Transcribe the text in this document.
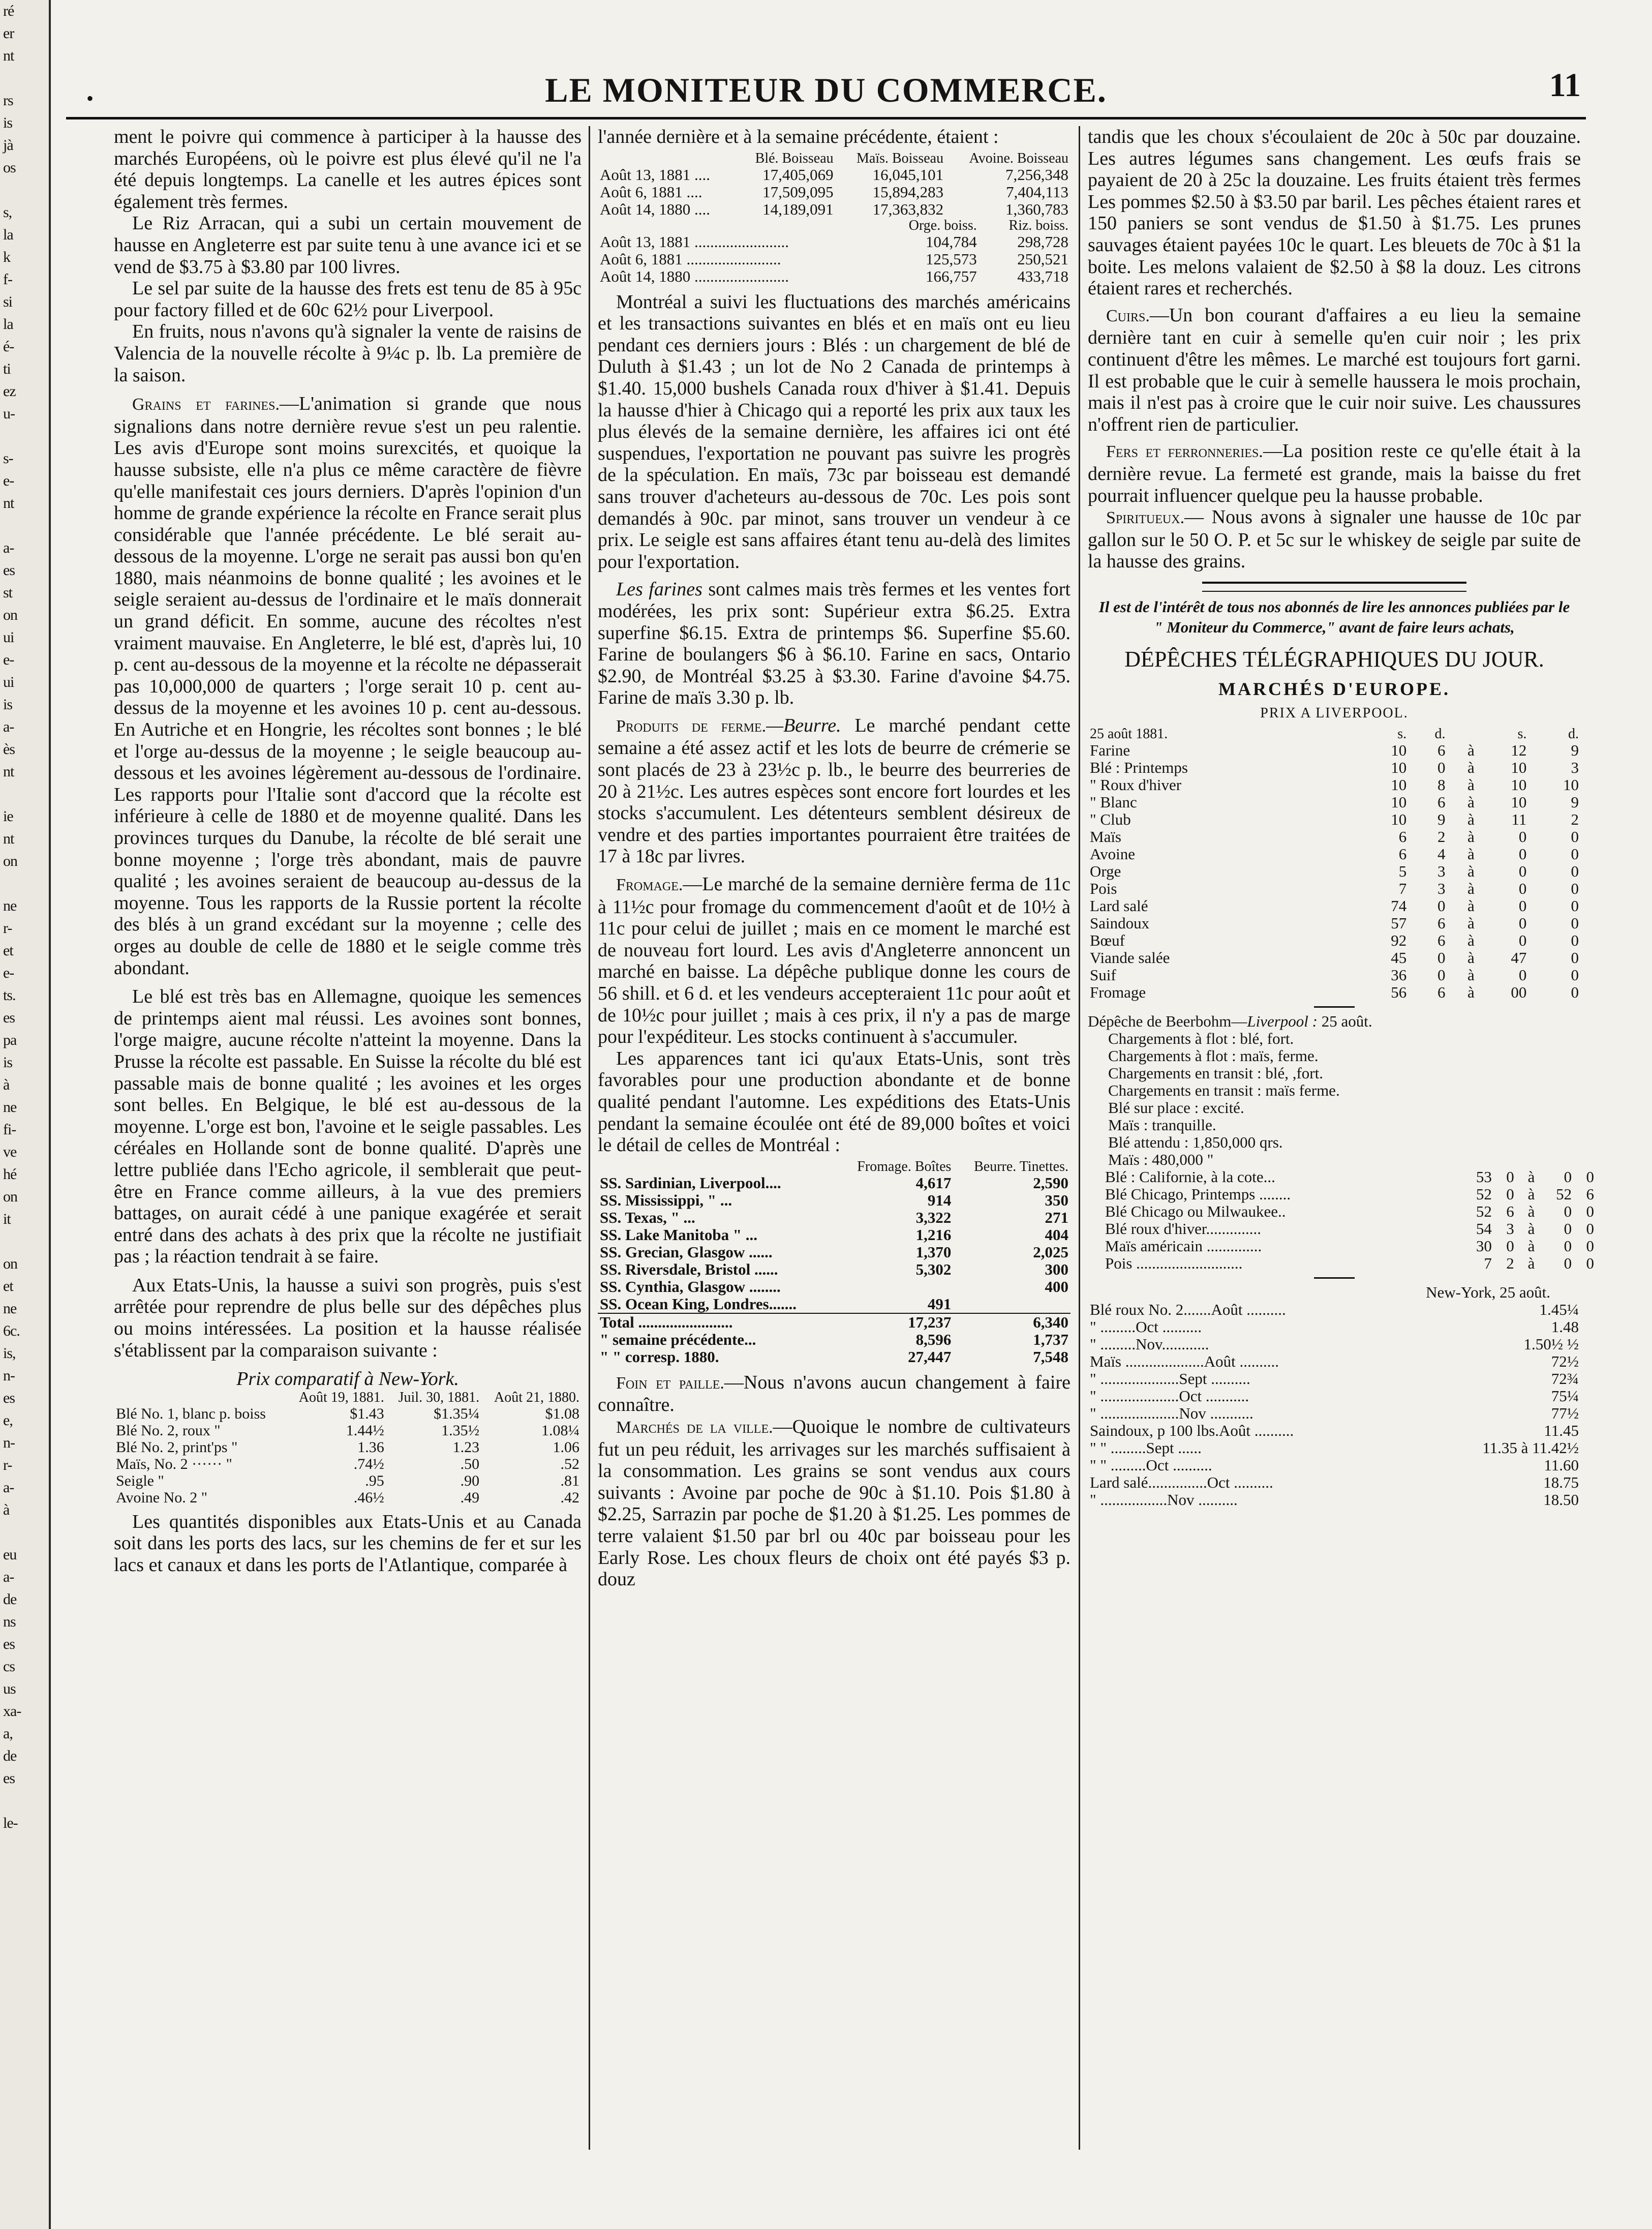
ré
er
nt

rs
is
jà
os

s,
la
k
f-
si
la
é-
ti
ez
u-

s-
e-
nt

a-
es
st
on
ui
e-
ui
is
a-
ès
nt

ie
nt
on

ne
r-
et
e-
ts.
es
pa
is
à
ne
fi-
ve
hé
on
it

on
et
ne
6c.
is,
n-
es
e,
n-
r-
a-
à

eu
a-
de
ns
es
cs
us
xa-
a,
de
es

le-
•	LE MONITEUR DU COMMERCE.	11

ment le poivre qui commence à participer à la hausse des marchés Européens, où le poivre est plus élevé qu'il ne l'a été depuis longtemps. La canelle et les autres épices sont également très fermes.

Le Riz Arracan, qui a subi un certain mouvement de hausse en Angleterre est par suite tenu à une avance ici et se vend de $3.75 à $3.80 par 100 livres.

Le sel par suite de la hausse des frets est tenu de 85 à 95c pour factory filled et de 60c 62½ pour Liverpool.

En fruits, nous n'avons qu'à signaler la vente de raisins de Valencia de la nouvelle récolte à 9¼c p. lb. La première de la saison.

Grains et farines.—L'animation si grande que nous signalions dans notre dernière revue s'est un peu ralentie. Les avis d'Europe sont moins surexcités, et quoique la hausse subsiste, elle n'a plus ce même caractère de fièvre qu'elle manifestait ces jours derniers. D'après l'opinion d'un homme de grande expérience la récolte en France serait plus considérable que l'année précédente. Le blé serait au-dessous de la moyenne. L'orge ne serait pas aussi bon qu'en 1880, mais néanmoins de bonne qualité ; les avoines et le seigle seraient au-dessus de l'ordinaire et le maïs donnerait un grand déficit. En somme, aucune des récoltes n'est vraiment mauvaise. En Angleterre, le blé est, d'après lui, 10 p. cent au-dessous de la moyenne et la récolte ne dépasserait pas 10,000,000 de quarters ; l'orge serait 10 p. cent au-dessus de la moyenne et les avoines 10 p. cent au-dessous. En Autriche et en Hongrie, les récoltes sont bonnes ; le blé et l'orge au-dessus de la moyenne ; le seigle beaucoup au-dessous et les avoines légèrement au-dessous de l'ordinaire. Les rapports pour l'Italie sont d'accord que la récolte est inférieure à celle de 1880 et de moyenne qualité. Dans les provinces turques du Danube, la récolte de blé serait une bonne moyenne ; l'orge très abondant, mais de pauvre qualité ; les avoines seraient de beaucoup au-dessus de la moyenne. Tous les rapports de la Russie portent la récolte des blés à un grand excédant sur la moyenne ; celle des orges au double de celle de 1880 et le seigle comme très abondant.

Le blé est très bas en Allemagne, quoique les semences de printemps aient mal réussi. Les avoines sont bonnes, l'orge maigre, aucune récolte n'atteint la moyenne. Dans la Prusse la récolte est passable. En Suisse la récolte du blé est passable mais de bonne qualité ; les avoines et les orges sont belles. En Belgique, le blé est au-dessous de la moyenne. L'orge est bon, l'avoine et le seigle passables. Les céréales en Hollande sont de bonne qualité. D'après une lettre publiée dans l'Echo agricole, il semblerait que peut-être en France comme ailleurs, à la vue des premiers battages, on aurait cédé à une panique exagérée et serait entré dans des achats à des prix que la récolte ne justifiait pas ; la réaction tendrait à se faire.

Aux Etats-Unis, la hausse a suivi son progrès, puis s'est arrêtée pour reprendre de plus belle sur des dépêches plus ou moins intéressées. La position et la hausse réalisée s'établissent par la comparaison suivante :

Prix comparatif à New-York.

	Août 19, 1881.	Juil. 30, 1881.	Août 21, 1880.
Blé No. 1, blanc p. boiss	$1.43	$1.35¼	$1.08
Blé No. 2, roux "	1.44½	1.35½	1.08¼
Blé No. 2, print'ps "	1.36	1.23	1.06
Maïs, No. 2 ······ "	.74½	.50	.52
Seigle "	.95	.90	.81
Avoine No. 2 "	.46½	.49	.42

Les quantités disponibles aux Etats-Unis et au Canada soit dans les ports des lacs, sur les chemins de fer et sur les lacs et canaux et dans les ports de l'Atlantique, comparée à

l'année dernière et à la semaine précédente, étaient :

	Blé. Boisseau	Maïs. Boisseau	Avoine. Boisseau
Août 13, 1881 ....	17,405,069	16,045,101	7,256,348
Août 6, 1881 ....	17,509,095	15,894,283	7,404,113
Août 14, 1880 ....	14,189,091	17,363,832	1,360,783
	Orge. boiss.	Riz. boiss.
Août 13, 1881 ........................	104,784	298,728
Août 6, 1881 ........................	125,573	250,521
Août 14, 1880 ........................	166,757	433,718

Montréal a suivi les fluctuations des marchés américains et les transactions suivantes en blés et en maïs ont eu lieu pendant ces derniers jours : Blés : un chargement de blé de Duluth à $1.43 ; un lot de No 2 Canada de printemps à $1.40. 15,000 bushels Canada roux d'hiver à $1.41. Depuis la hausse d'hier à Chicago qui a reporté les prix aux taux les plus élevés de la semaine dernière, les affaires ici ont été suspendues, l'exportation ne pouvant pas suivre les progrès de la spéculation. En maïs, 73c par boisseau est demandé sans trouver d'acheteurs au-dessous de 70c. Les pois sont demandés à 90c. par minot, sans trouver un vendeur à ce prix. Le seigle est sans affaires étant tenu au-delà des limites pour l'exportation.

Les farines sont calmes mais très fermes et les ventes fort modérées, les prix sont: Supérieur extra $6.25. Extra superfine $6.15. Extra de printemps $6. Superfine $5.60. Farine de boulangers $6 à $6.10. Farine en sacs, Ontario $2.90, de Montréal $3.25 à $3.30. Farine d'avoine $4.75. Farine de maïs 3.30 p. lb.

Produits de ferme.—Beurre. Le marché pendant cette semaine a été assez actif et les lots de beurre de crémerie se sont placés de 23 à 23½c p. lb., le beurre des beurreries de 20 à 21½c. Les autres espèces sont encore fort lourdes et les stocks s'accumulent. Les détenteurs semblent désireux de vendre et des parties importantes pourraient être traitées de 17 à 18c par livres.

Fromage.—Le marché de la semaine dernière ferma de 11c à 11½c pour fromage du commencement d'août et de 10½ à 11c pour celui de juillet ; mais en ce moment le marché est de nouveau fort lourd. Les avis d'Angleterre annoncent un marché en baisse. La dépêche publique donne les cours de 56 shill. et 6 d. et les vendeurs accepteraient 11c pour août et de 10½c pour juillet ; mais à ces prix, il n'y a pas de marge pour l'expéditeur. Les stocks continuent à s'accumuler.

Les apparences tant ici qu'aux Etats-Unis, sont très favorables pour une production abondante et de bonne qualité pendant l'automne. Les expéditions des Etats-Unis pendant la semaine écoulée ont été de 89,000 boîtes et voici le détail de celles de Montréal :

	Fromage. Boîtes	Beurre. Tinettes.
SS. Sardinian, Liverpool....	4,617	2,590
SS. Mississippi, " ...	914	350
SS. Texas, " ...	3,322	271
SS. Lake Manitoba " ...	1,216	404
SS. Grecian, Glasgow ......	1,370	2,025
SS. Riversdale, Bristol ......	5,302	300
SS. Cynthia, Glasgow ........		400
SS. Ocean King, Londres.......	491	
Total ........................	17,237	6,340
" semaine précédente...	8,596	1,737
" " corresp. 1880.	27,447	7,548

Foin et paille.—Nous n'avons aucun changement à faire connaître.

Marchés de la ville.—Quoique le nombre de cultivateurs fut un peu réduit, les arrivages sur les marchés suffisaient à la consommation. Les grains se sont vendus aux cours suivants : Avoine par poche de 90c à $1.10. Pois $1.80 à $2.25, Sarrazin par poche de $1.20 à $1.25. Les pommes de terre valaient $1.50 par brl ou 40c par boisseau pour les Early Rose. Les choux fleurs de choix ont été payés $3 p. douz

tandis que les choux s'écoulaient de 20c à 50c par douzaine. Les autres légumes sans changement. Les œufs frais se payaient de 20 à 25c la douzaine. Les fruits étaient très fermes Les pommes $2.50 à $3.50 par baril. Les pêches étaient rares et 150 paniers se sont vendus de $1.50 à $1.75. Les prunes sauvages étaient payées 10c le quart. Les bleuets de 70c à $1 la boite. Les melons valaient de $2.50 à $8 la douz. Les citrons étaient rares et recherchés.

Cuirs.—Un bon courant d'affaires a eu lieu la semaine dernière tant en cuir à semelle qu'en cuir noir ; les prix continuent d'être les mêmes. Le marché est toujours fort garni. Il est probable que le cuir à semelle haussera le mois prochain, mais il n'est pas à croire que le cuir noir suive. Les chaussures n'offrent rien de particulier.

Fers et ferronneries.—La position reste ce qu'elle était à la dernière revue. La fermeté est grande, mais la baisse du fret pourrait influencer quelque peu la hausse probable.

Spiritueux.— Nous avons à signaler une hausse de 10c par gallon sur le 50 O. P. et 5c sur le whiskey de seigle par suite de la hausse des grains.

Il est de l'intérêt de tous nos abonnés de lire les annonces publiées par le " Moniteur du Commerce," avant de faire leurs achats,
DÉPÊCHES TÉLÉGRAPHIQUES DU JOUR.
MARCHÉS D'EUROPE.
PRIX A LIVERPOOL.
25 août 1881.	s.	d.		s.	d.
Farine	10	6	à	12	9
Blé : Printemps	10	0	à	10	3
" Roux d'hiver	10	8	à	10	10
" Blanc	10	6	à	10	9
" Club	10	9	à	11	2
Maïs	6	2	à	0	0
Avoine	6	4	à	0	0
Orge	5	3	à	0	0
Pois	7	3	à	0	0
Lard salé	74	0	à	0	0
Saindoux	57	6	à	0	0
Bœuf	92	6	à	0	0
Viande salée	45	0	à	47	0
Suif	36	0	à	0	0
Fromage	56	6	à	00	0

Dépêche de Beerbohm—Liverpool : 25 août.

Chargements à flot : blé, fort.
Chargements à flot : maïs, ferme.
Chargements en transit : blé, ,fort.
Chargements en transit : maïs ferme.
Blé sur place : excité.
Maïs : tranquille.
Blé attendu : 1,850,000 qrs.
Maïs : 480,000 "
Blé : Californie, à la cote...	53	0	à	0	0
Blé Chicago, Printemps ........	52	0	à	52	6
Blé Chicago ou Milwaukee..	52	6	à	0	0
Blé roux d'hiver..............	54	3	à	0	0
Maïs américain ..............	30	0	à	0	0
Pois ...........................	7	2	à	0	0
New-York, 25 août.
Blé roux No. 2.......Août ..........	1.45¼
" .........Oct ..........	1.48
" .........Nov............	1.50½ ½
Maïs ....................Août ..........	72½
" ....................Sept ..........	72¾
" ....................Oct ...........	75¼
" ....................Nov ...........	77½
Saindoux, p 100 lbs.Août ..........	11.45
" " .........Sept ......	11.35 à 11.42½
" " .........Oct ..........	11.60
Lard salé...............Oct ..........	18.75
" .................Nov ..........	18.50
